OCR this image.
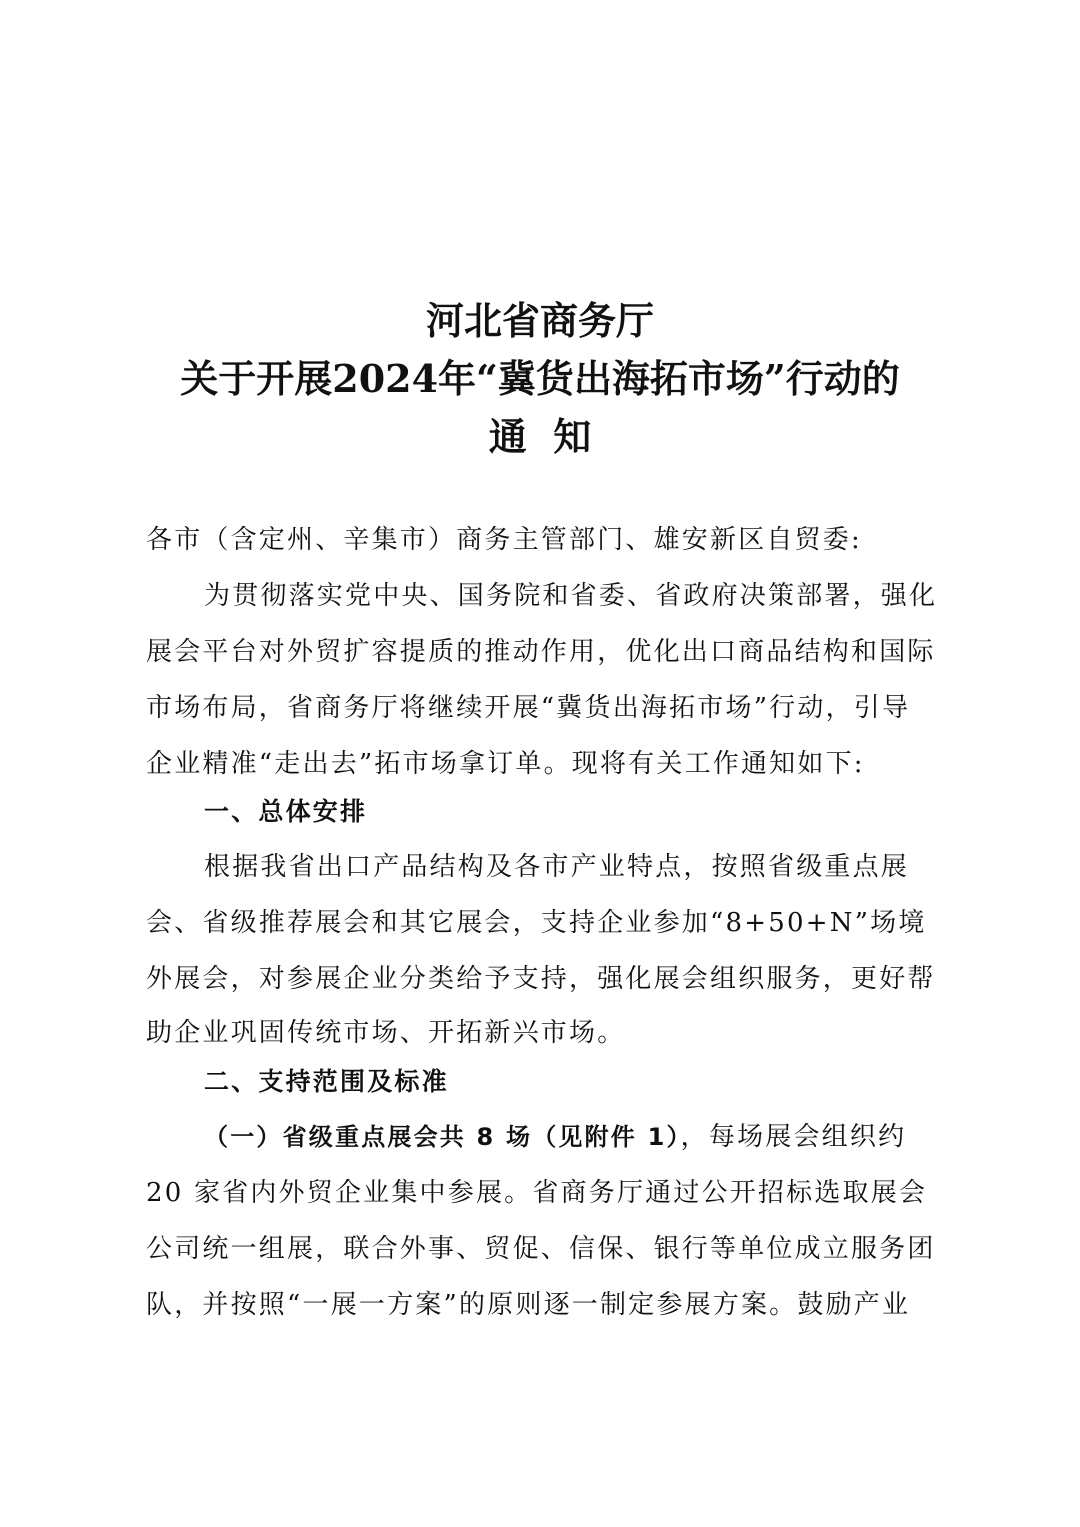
河北省商务厅
关于开展2024年“冀货出海拓市场”行动的
通  知
各市（含定州、辛集市）商务主管部门、雄安新区自贸委:
为贯彻落实党中央、国务院和省委、省政府决策部署，强化
展会平台对外贸扩容提质的推动作用，优化出口商品结构和国际
市场布局，省商务厅将继续开展“冀货出海拓市场”行动，引导
企业精准“走出去”拓市场拿订单。现将有关工作通知如下:
一、总体安排
根据我省出口产品结构及各市产业特点，按照省级重点展
会、省级推荐展会和其它展会，支持企业参加“8+50+N”场境
外展会，对参展企业分类给予支持，强化展会组织服务，更好帮
助企业巩固传统市场、开拓新兴市场。
二、支持范围及标准
（一）省级重点展会共 8 场（见附件 1），每场展会组织约
20 家省内外贸企业集中参展。省商务厅通过公开招标选取展会
公司统一组展，联合外事、贸促、信保、银行等单位成立服务团
队，并按照“一展一方案”的原则逐一制定参展方案。鼓励产业
